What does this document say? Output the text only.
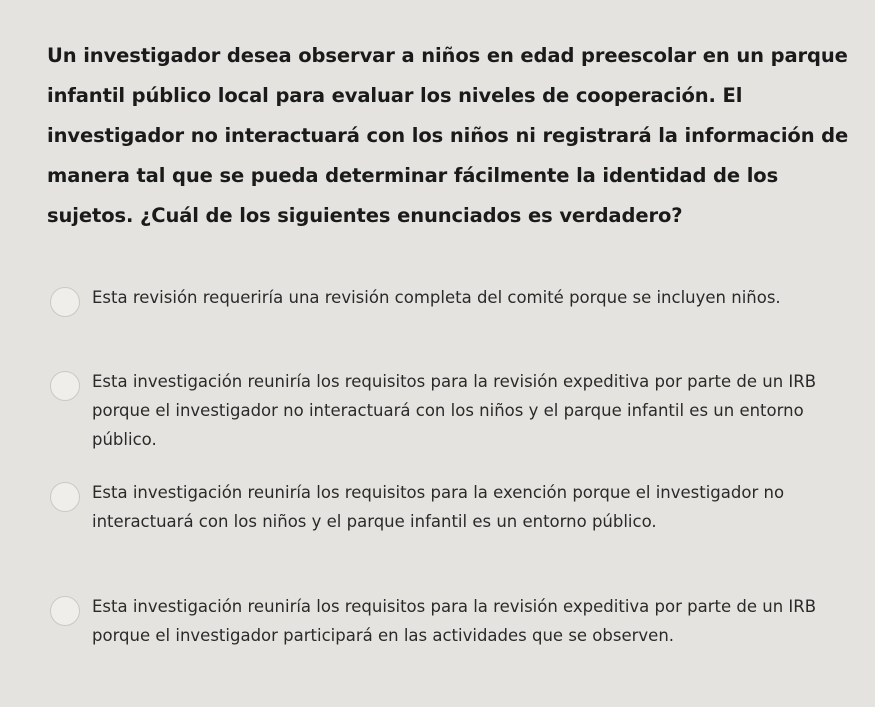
Un investigador desea observar a niños en edad preescolar en un parque infantil público local para evaluar los niveles de cooperación. El investigador no interactuará con los niños ni registrará la información de manera tal que se pueda determinar fácilmente la identidad de los sujetos. ¿Cuál de los siguientes enunciados es verdadero?

Esta revisión requeriría una revisión completa del comité porque se incluyen niños.
Esta investigación reuniría los requisitos para la revisión expeditiva por parte de un IRB porque el investigador no interactuará con los niños y el parque infantil es un entorno público.
Esta investigación reuniría los requisitos para la exención porque el investigador no interactuará con los niños y el parque infantil es un entorno público.
Esta investigación reuniría los requisitos para la revisión expeditiva por parte de un IRB porque el investigador participará en las actividades que se observen.
